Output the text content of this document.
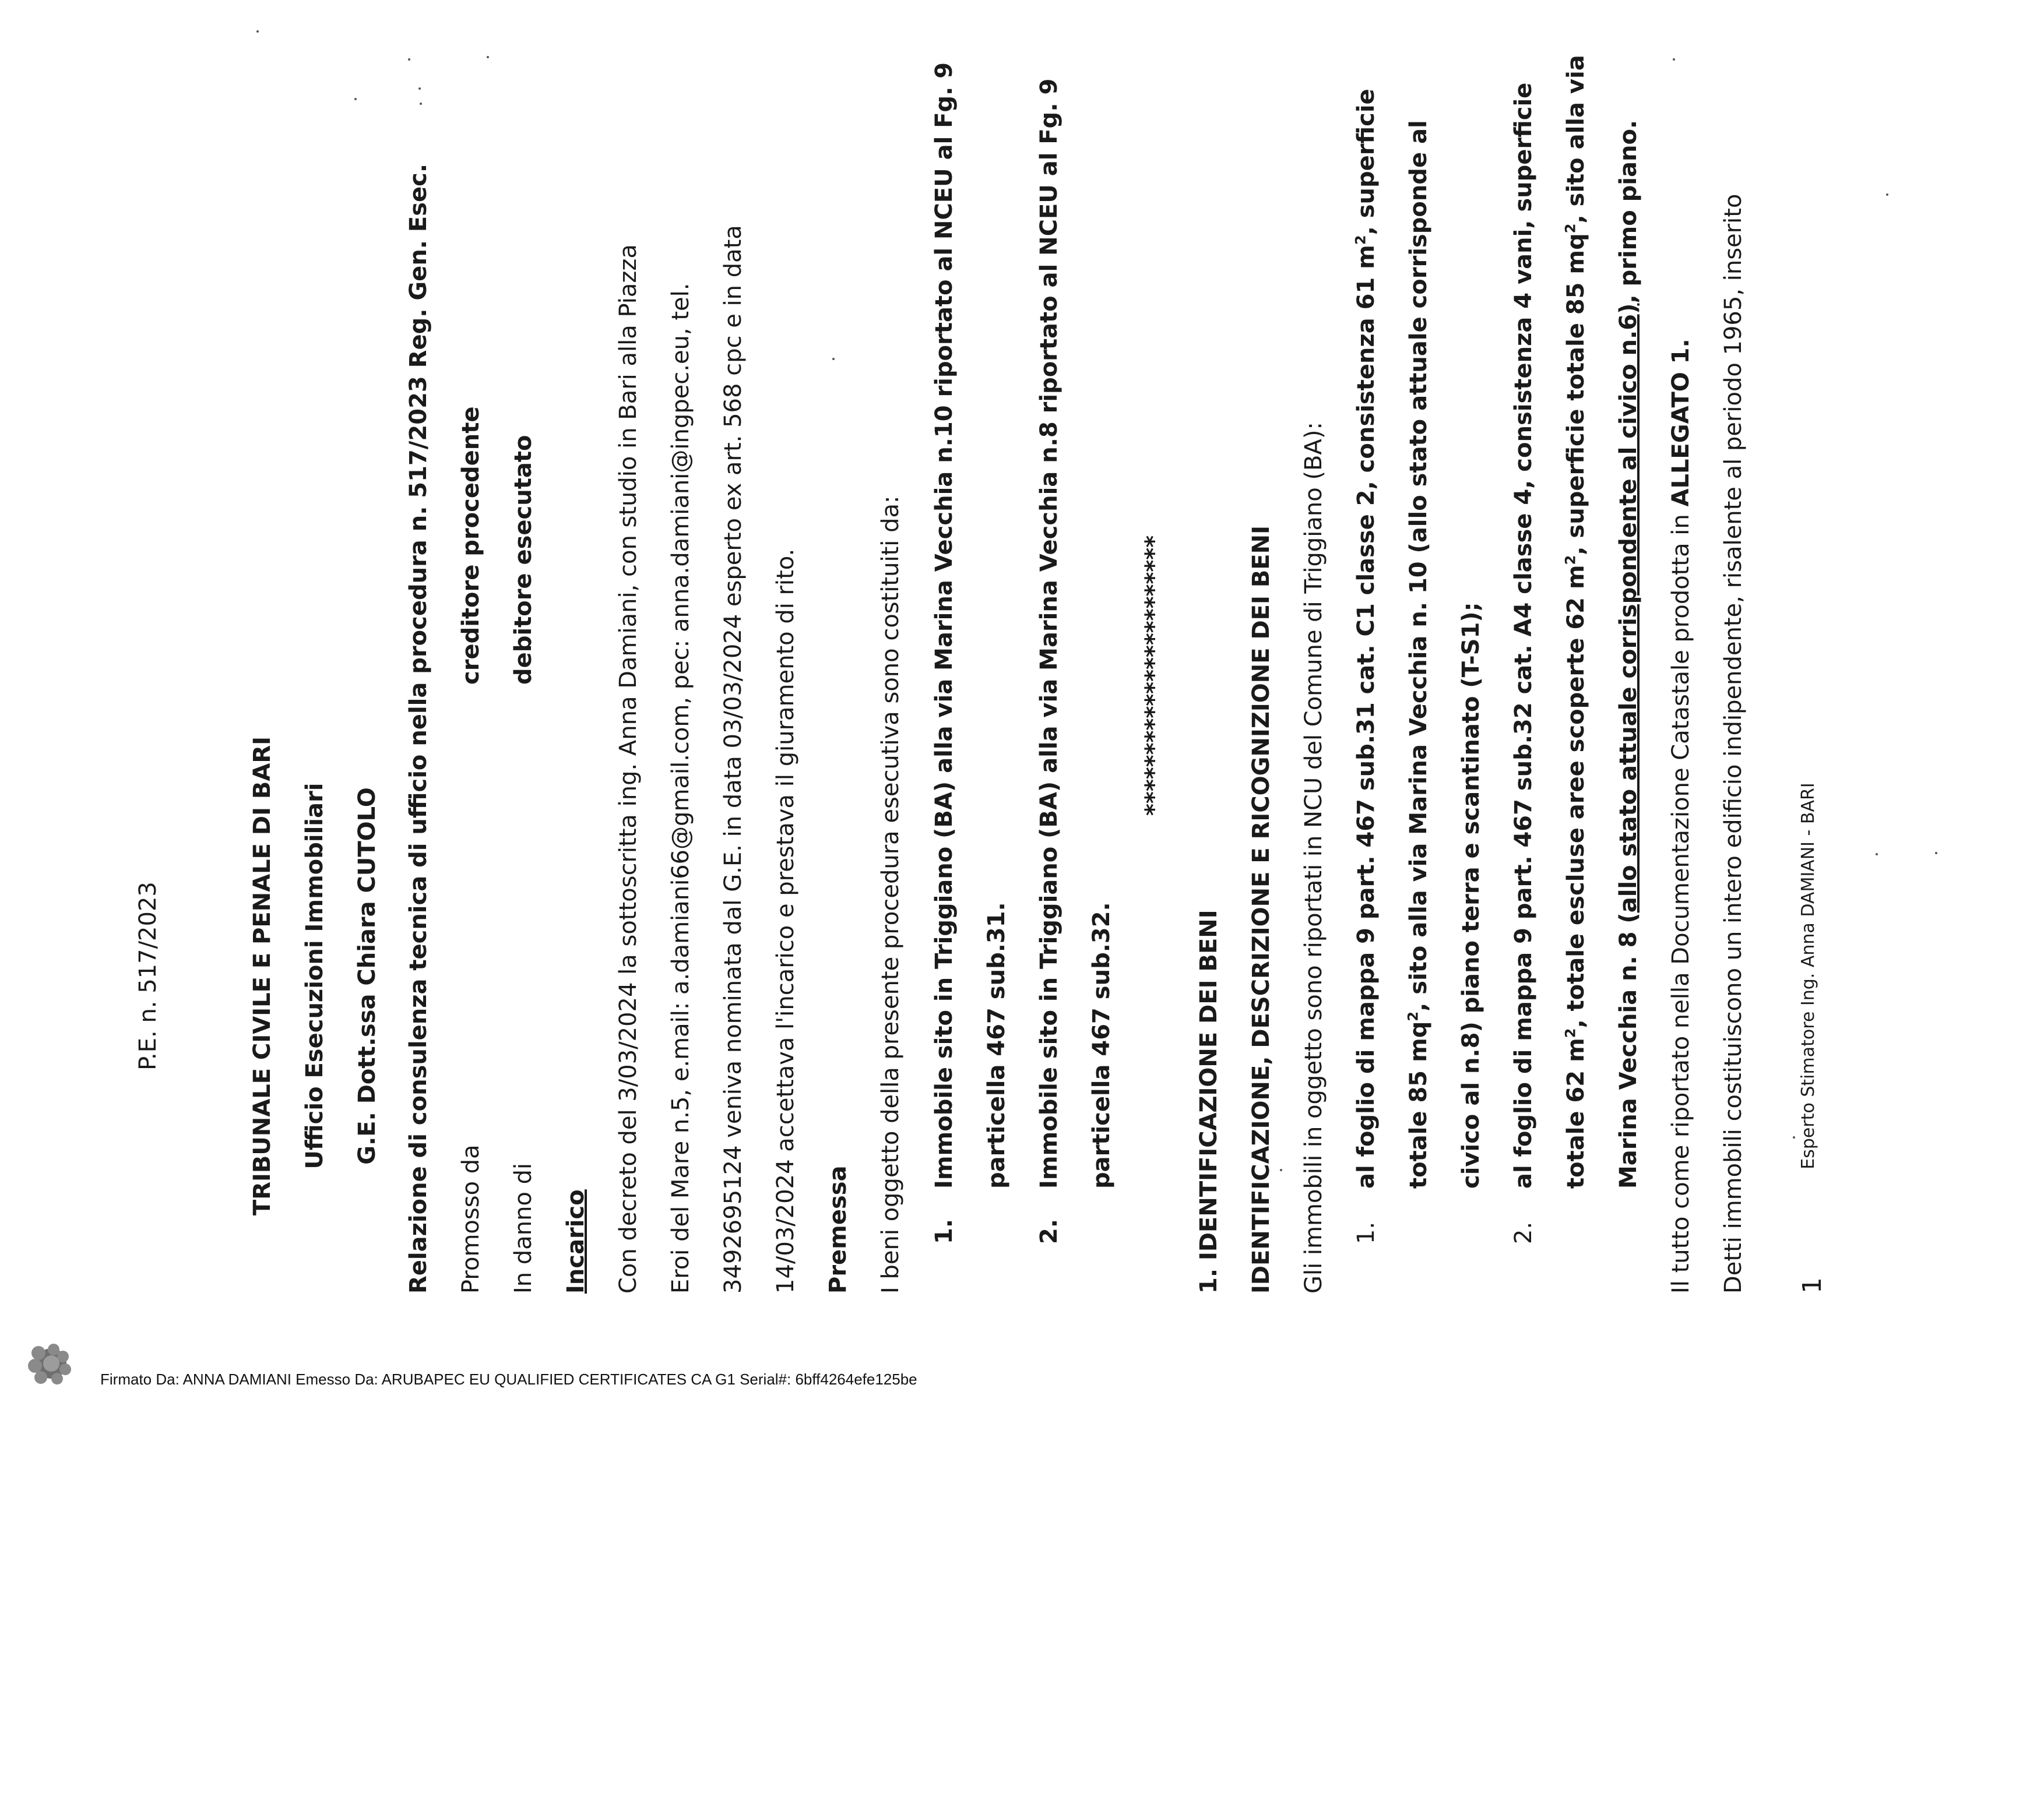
P.E. n. 517/2023	TRIBUNALE CIVILE E PENALE DI BARI Ufficio Esecuzioni Immobiliari G.E. Dott.ssa Chiara CUTOLO Relazione di consulenza tecnica di ufficio nella procedura n. 517/2023 Reg. Gen. Esec. Promosso da
creditore procedente
In danno di
debitore esecutato
Incarico Con decreto del 3/03/2024 la sottoscritta ing. Anna Damiani, con studio in Bari alla Piazza Eroi del Mare n.5, e.mail: a.damiani66@gmail.com, pec: anna.damiani@ingpec.eu, tel. 3492695124 veniva nominata dal G.E. in data 03/03/2024 esperto ex art. 568 cpc e in data 14/03/2024 accettava l'incarico e prestava il giuramento di rito. Premessa I beni oggetto della presente procedura esecutiva sono costituiti da: 1.
Immobile sito in Triggiano (BA) alla via Marina Vecchia n.10 riportato al NCEU al Fg. 9 particella 467 sub.31.
2.
Immobile sito in Triggiano (BA) alla via Marina Vecchia n.8 riportato al NCEU al Fg. 9 particella 467 sub.32.
***********************
1. IDENTIFICAZIONE DEI BENI IDENTIFICAZIONE, DESCRIZIONE E RICOGNIZIONE DEI BENI Gli immobili in oggetto sono riportati in NCU del Comune di Triggiano (BA): 1.
al foglio di mappa 9 part. 467 sub.31 cat. C1 classe 2, consistenza 61 $m^2$, superficie
totale 85 $mq^2$, sito alla via Marina Vecchia n. 10 (allo stato attuale corrisponde al civico al n.8) piano terra e scantinato (T-S1);
2.
al foglio di mappa 9 part. 467 sub.32 cat. A4 classe 4, consistenza 4 vani, superficie totale 62 $m^2$, totale escluse aree scoperte 62 $m^2$, superficie totale 85 $mq^2$, sito alla via
Marina Vecchia n. 8 (allo stato attuale corrispondente al civico n.6), primo piano.
Il tutto come riportato nella Documentazione Catastale prodotta in ALLEGATO 1. Detti immobili costituiscono un intero edificio indipendente, risalente al periodo 1965, inserito	Esperto Stimatore Ing. Anna DAMIANI - BARI
1
Firmato Da: ANNA DAMIANI Emesso Da: ARUBAPEC EU QUALIFIED CERTIFICATES CA G1 Serial#: 6bff4264efe125be
